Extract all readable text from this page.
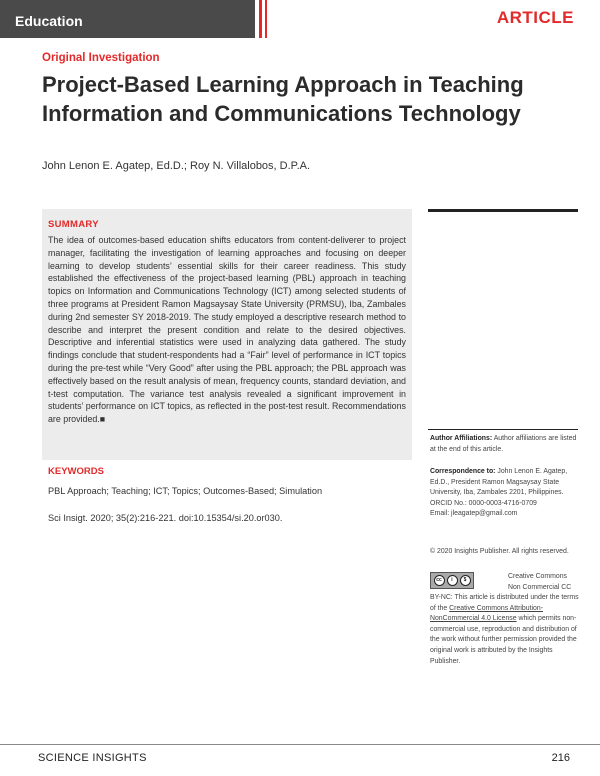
Education	ARTICLE
Original Investigation
Project-Based Learning Approach in Teaching Information and Communications Technology
John Lenon E. Agatep, Ed.D.; Roy N. Villalobos, D.P.A.
SUMMARY

The idea of outcomes-based education shifts educators from content-deliverer to project manager, facilitating the investigation of learning approaches and focusing on deeper learning to develop students’ essential skills for their career readiness. This study established the effectiveness of the project-based learning (PBL) approach in teaching topics on Information and Communications Technology (ICT) among selected students of three programs at President Ramon Magsaysay State University (PRMSU), Iba, Zambales during 2nd semester SY 2018-2019. The study employed a descriptive research method to describe and interpret the present condition and relate to the desired objectives. Descriptive and inferential statistics were used in analyzing data gathered. The study findings conclude that student-respondents had a “Fair” level of performance in ICT topics during the pre-test while “Very Good” after using the PBL approach; the PBL approach was effectively based on the result analysis of mean, frequency counts, standard deviation, and t-test computation. The variance test analysis revealed a significant improvement in students’ performance on ICT topics, as reflected in the post-test result. Recommendations are provided.■

KEYWORDS
PBL Approach; Teaching; ICT; Topics; Outcomes-Based; Simulation
Sci Insigt. 2020; 35(2):216-221. doi:10.15354/si.20.or030.
Author Affiliations: Author affiliations are listed at the end of this article.
Correspondence to: John Lenon E. Agatep, Ed.D., President Ramon Magsaysay State University, Iba, Zambales 2201, Philippines. ORCID No.: 0000-0003-4716-0709
Email: jleagatep@gmail.com
© 2020 Insights Publisher. All rights reserved.
cc	i	$	Creative Commons Non Commercial CC
BY-NC: This article is distributed under the terms of the Creative Commons Attribution-NonCommercial 4.0 License which permits non-commercial use, reproduction and distribution of the work without further permission provided the original work is attributed by the Insights Publisher.
SCIENCE INSIGHTS	216
